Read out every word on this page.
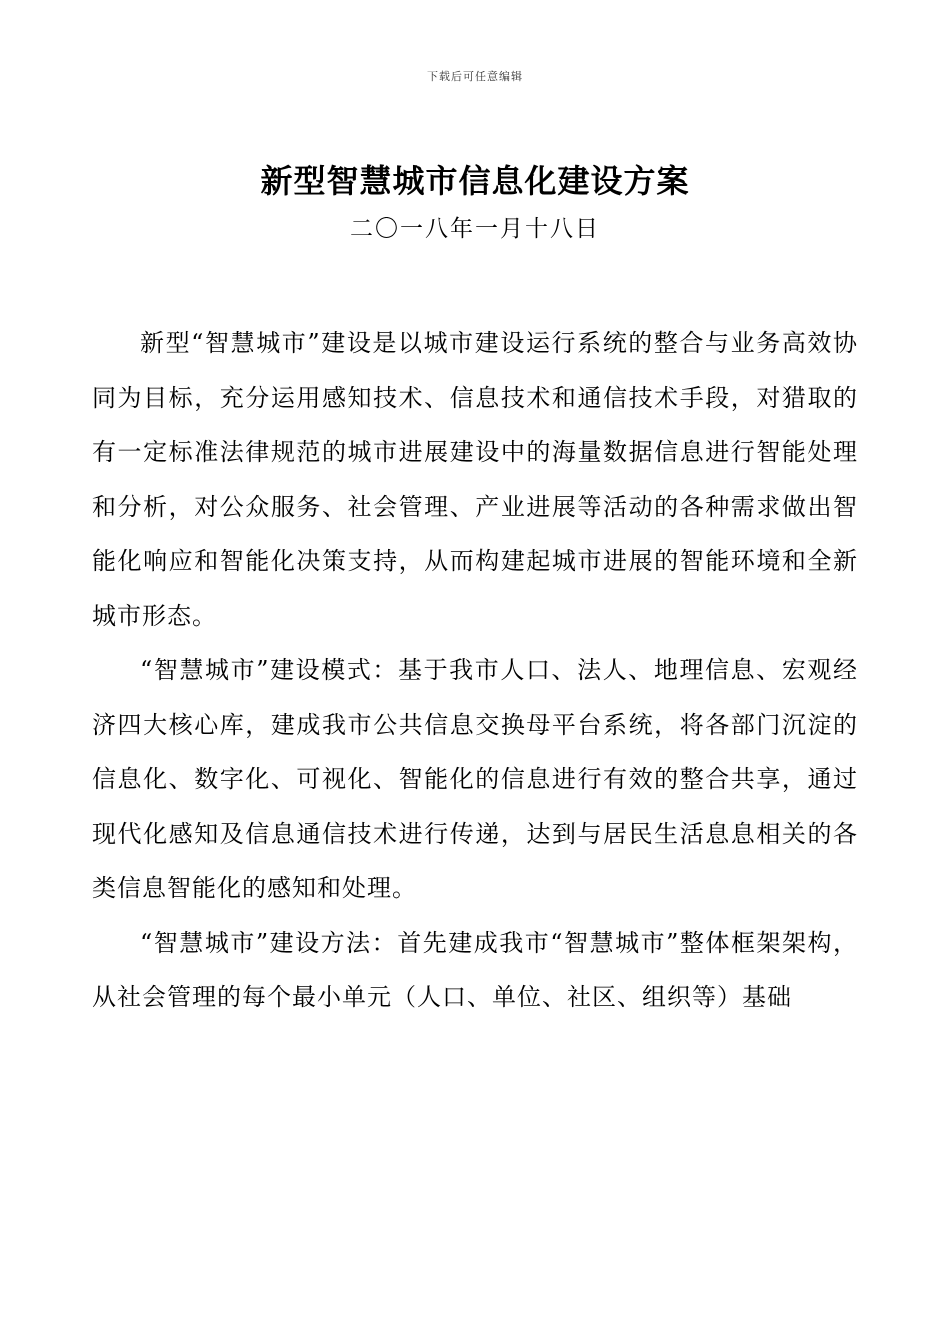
下载后可任意编辑
新型智慧城市信息化建设方案
二〇一八年一月十八日

新型“智慧城市”建设是以城市建设运行系统的整合与业务高效协同为目标，充分运用感知技术、信息技术和通信技术手段，对猎取的有一定标准法律规范的城市进展建设中的海量数据信息进行智能处理和分析，对公众服务、社会管理、产业进展等活动的各种需求做出智能化响应和智能化决策支持，从而构建起城市进展的智能环境和全新城市形态。

“智慧城市”建设模式：基于我市人口、法人、地理信息、宏观经济四大核心库，建成我市公共信息交换母平台系统，将各部门沉淀的信息化、数字化、可视化、智能化的信息进行有效的整合共享，通过现代化感知及信息通信技术进行传递，达到与居民生活息息相关的各类信息智能化的感知和处理。

“智慧城市”建设方法：首先建成我市“智慧城市”整体框架架构，从社会管理的每个最小单元（人口、单位、社区、组织等）基础
